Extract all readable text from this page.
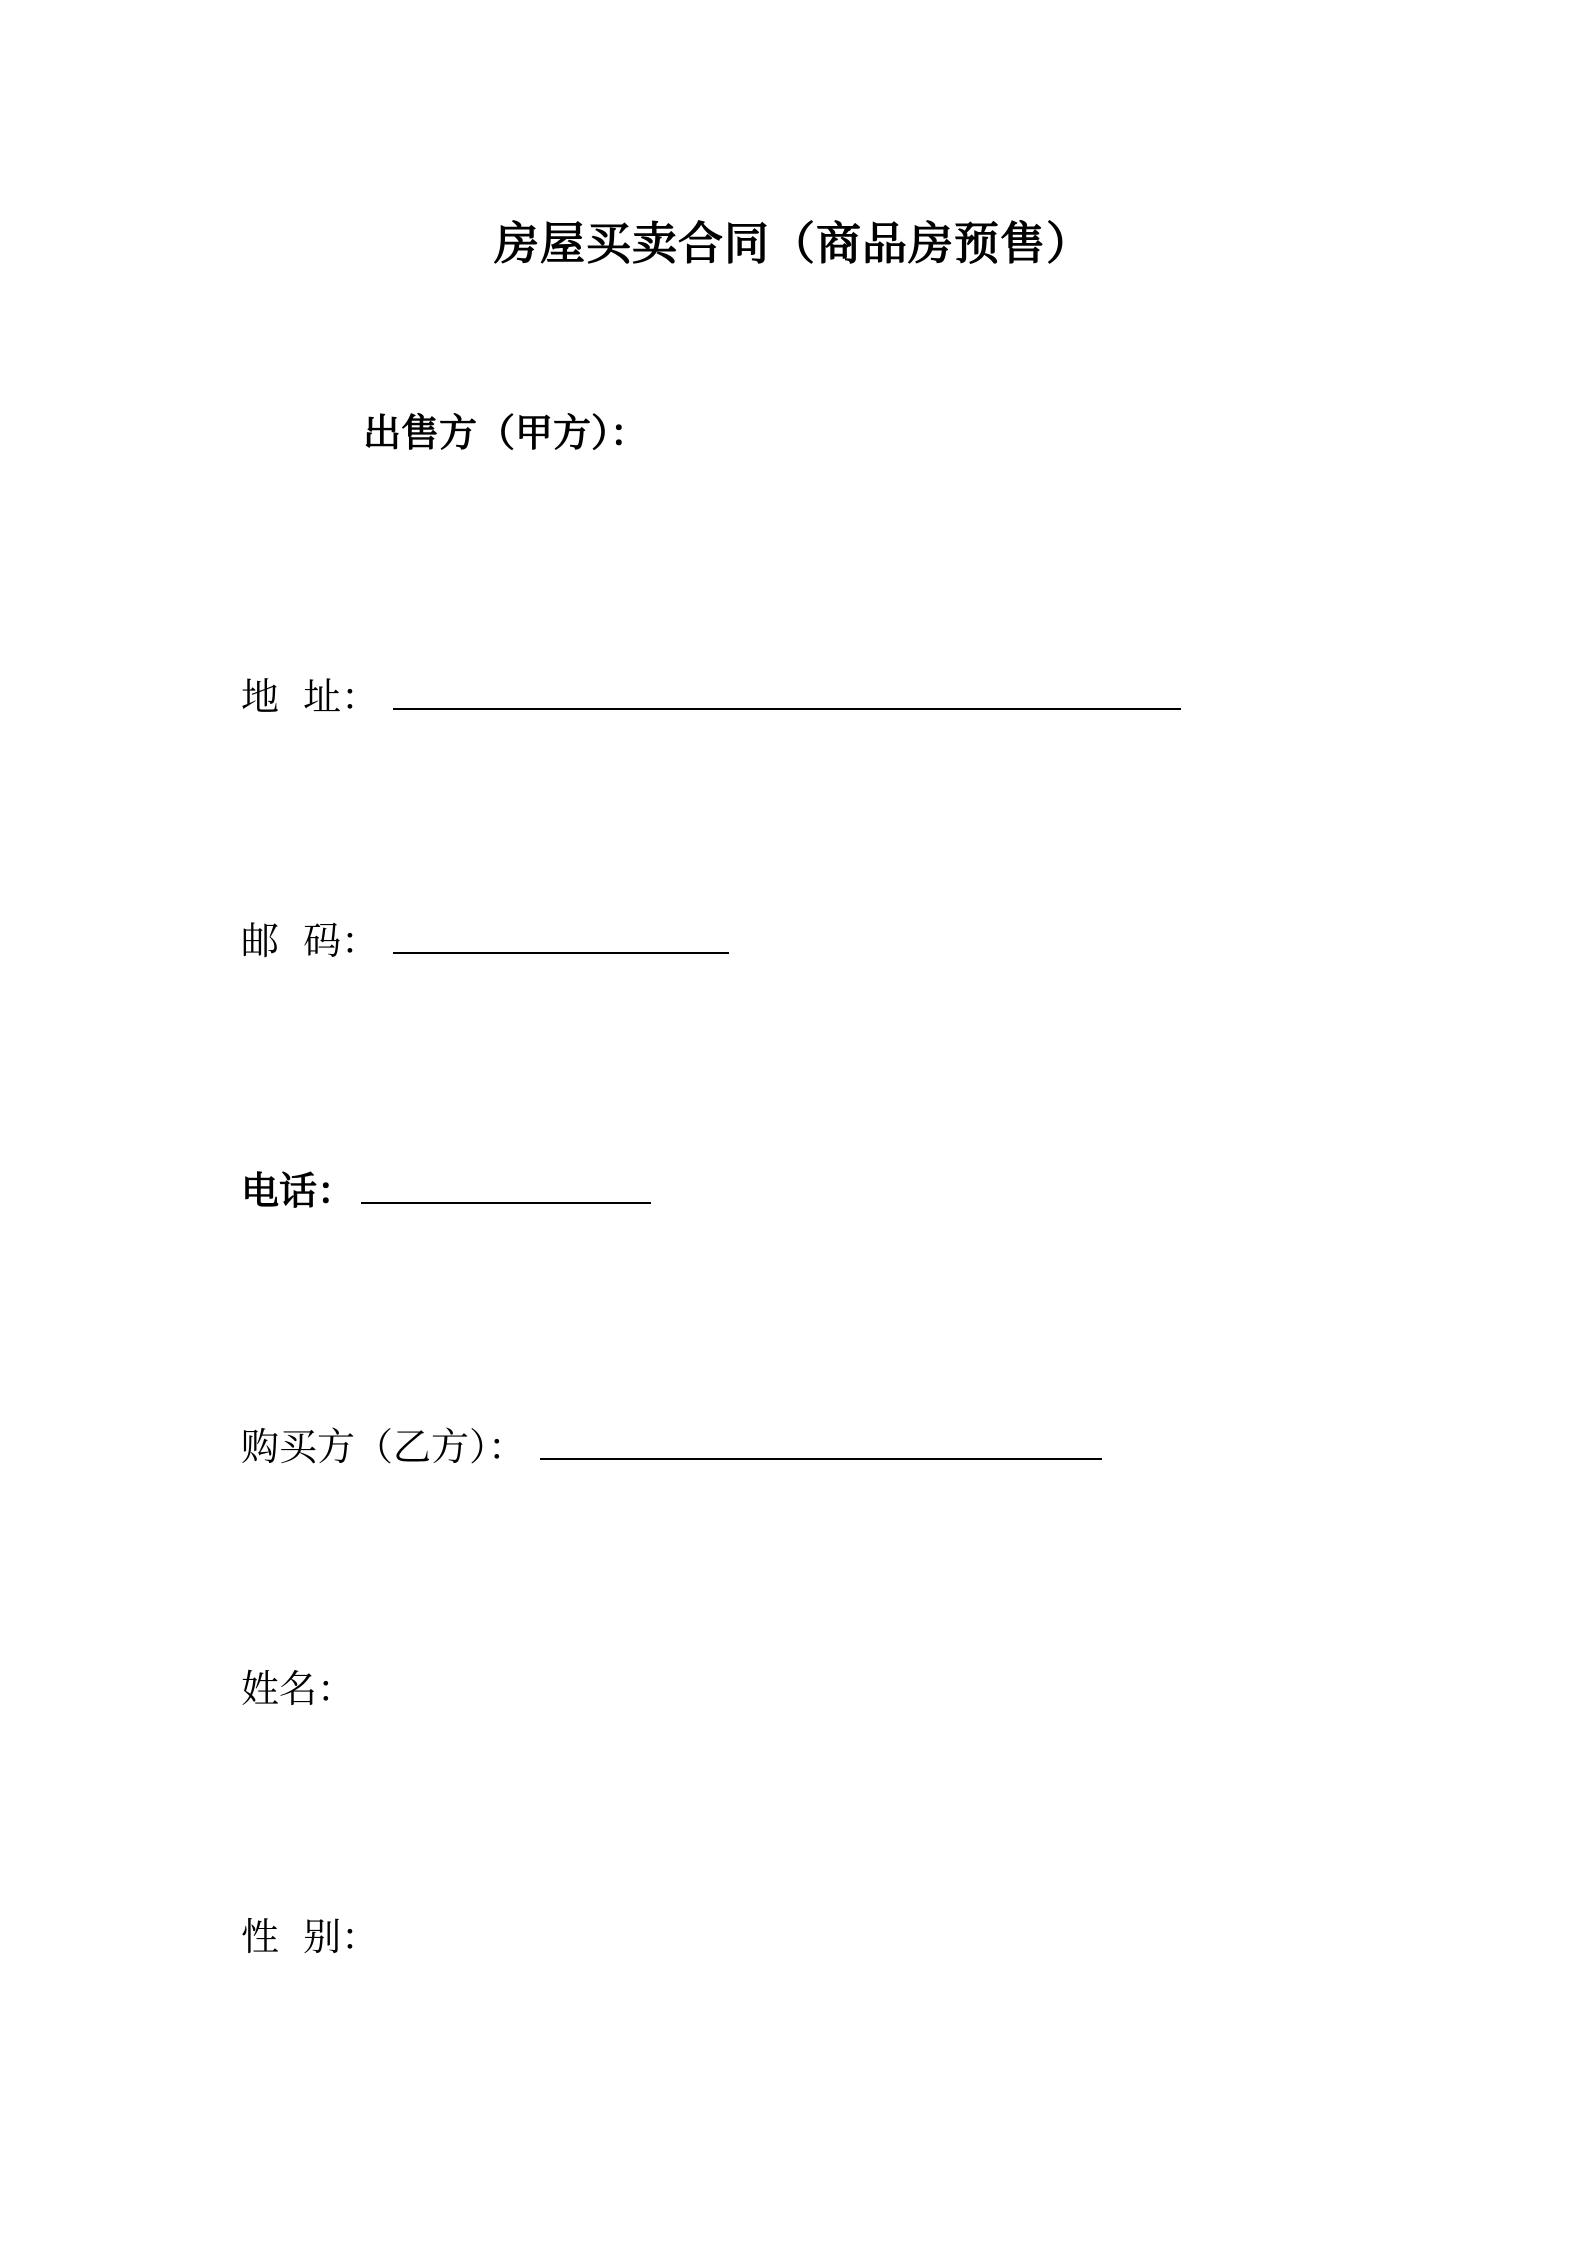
房屋买卖合同（商品房预售）

出售方（甲方）：

地  址：

邮  码：

电话：

购买方（乙方）：

姓名：

性  别：
